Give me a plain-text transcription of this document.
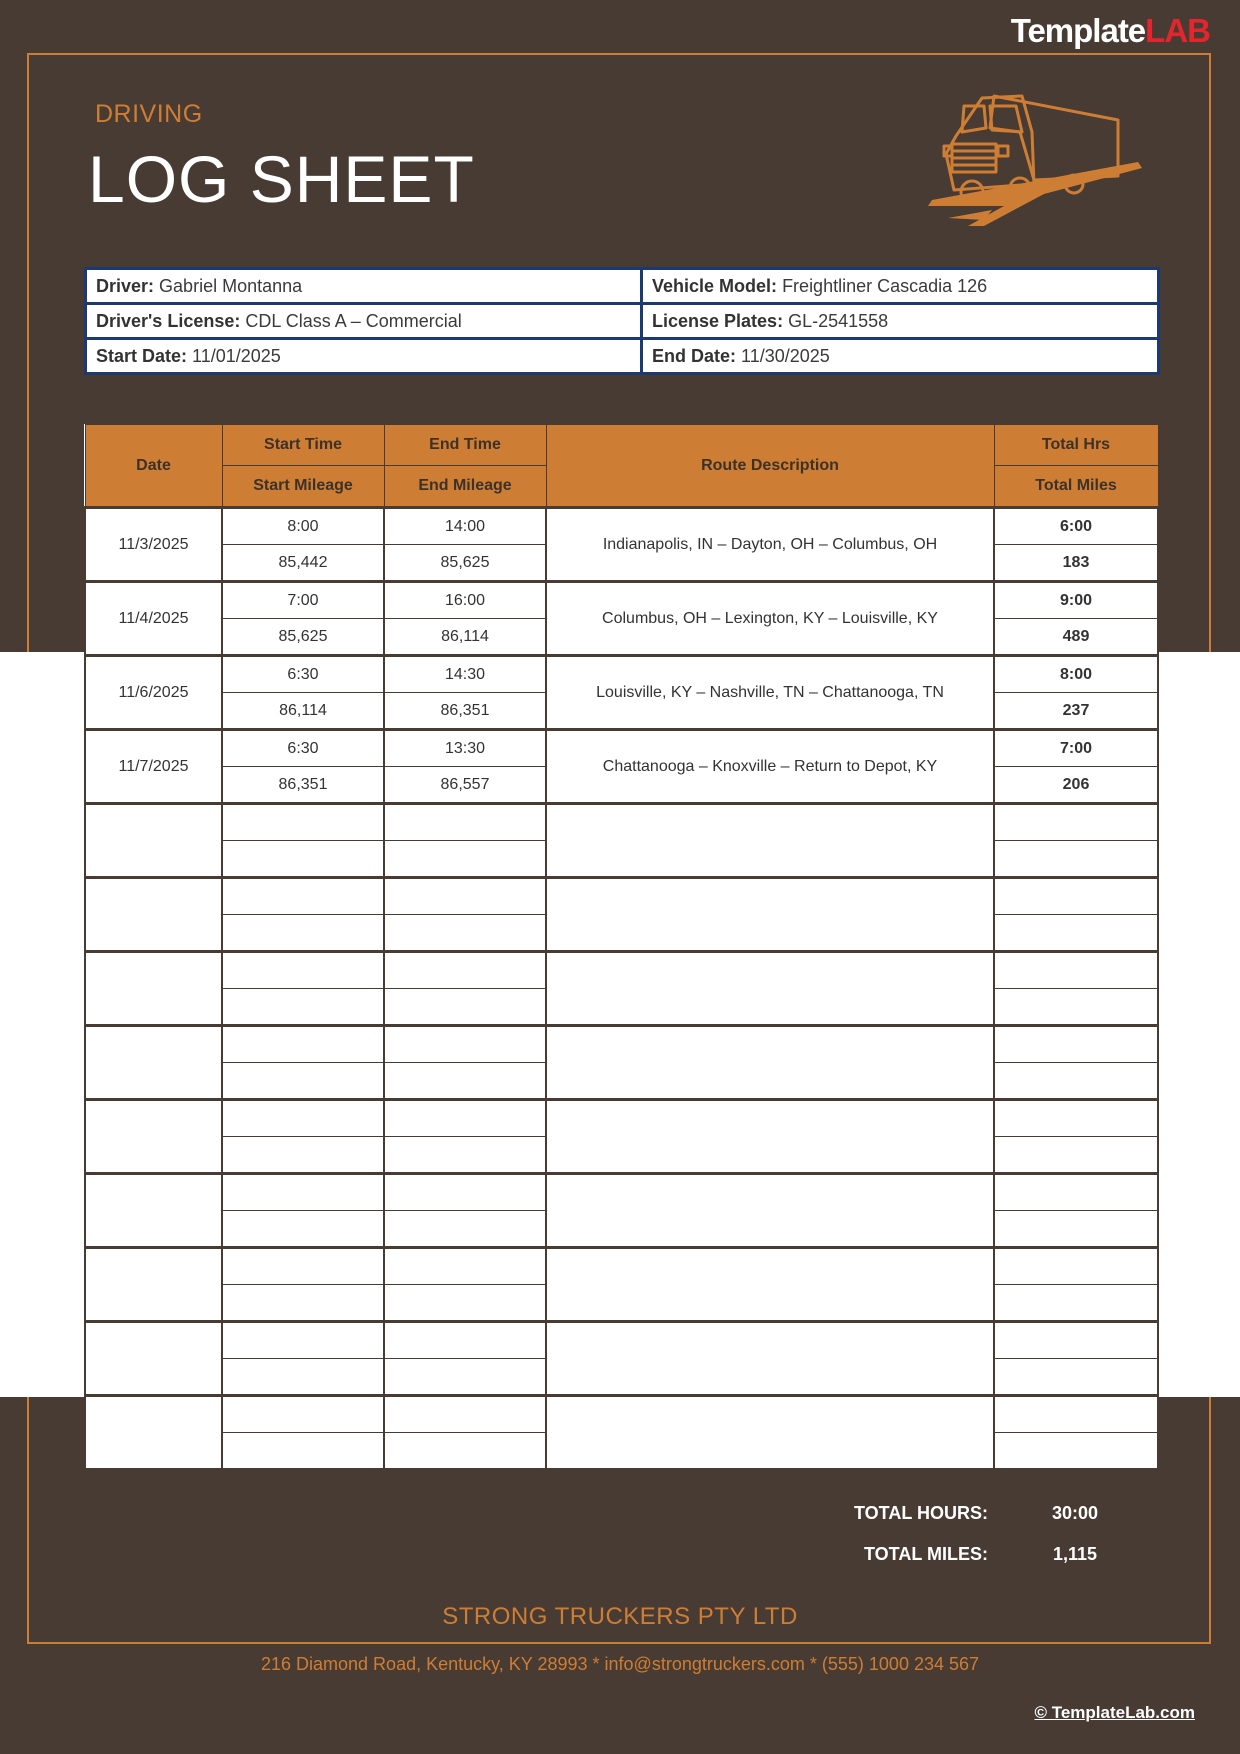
TemplateLAB
DRIVING
LOG SHEET
Driver: Gabriel Montanna	Vehicle Model: Freightliner Cascadia 126
Driver's License: CDL Class A – Commercial	License Plates: GL-2541558
Start Date: 11/01/2025	End Date: 11/30/2025
Date	Start Time	End Time	Route Description	Total Hrs
	Start Mileage	End Mileage		Total Miles
11/3/2025	8:00	14:00	Indianapolis, IN – Dayton, OH – Columbus, OH	6:00
	85,442	85,625		183
11/4/2025	7:00	16:00	Columbus, OH – Lexington, KY – Louisville, KY	9:00
	85,625	86,114		489
11/6/2025	6:30	14:30	Louisville, KY – Nashville, TN – Chattanooga, TN	8:00
	86,114	86,351		237
11/7/2025	6:30	13:30	Chattanooga – Knoxville – Return to Depot, KY	7:00
	86,351	86,557		206

TOTAL HOURS:	30:00
TOTAL MILES:	1,115
STRONG TRUCKERS PTY LTD
216 Diamond Road, Kentucky, KY 28993 * info@strongtruckers.com * (555) 1000 234 567
© TemplateLab.com
